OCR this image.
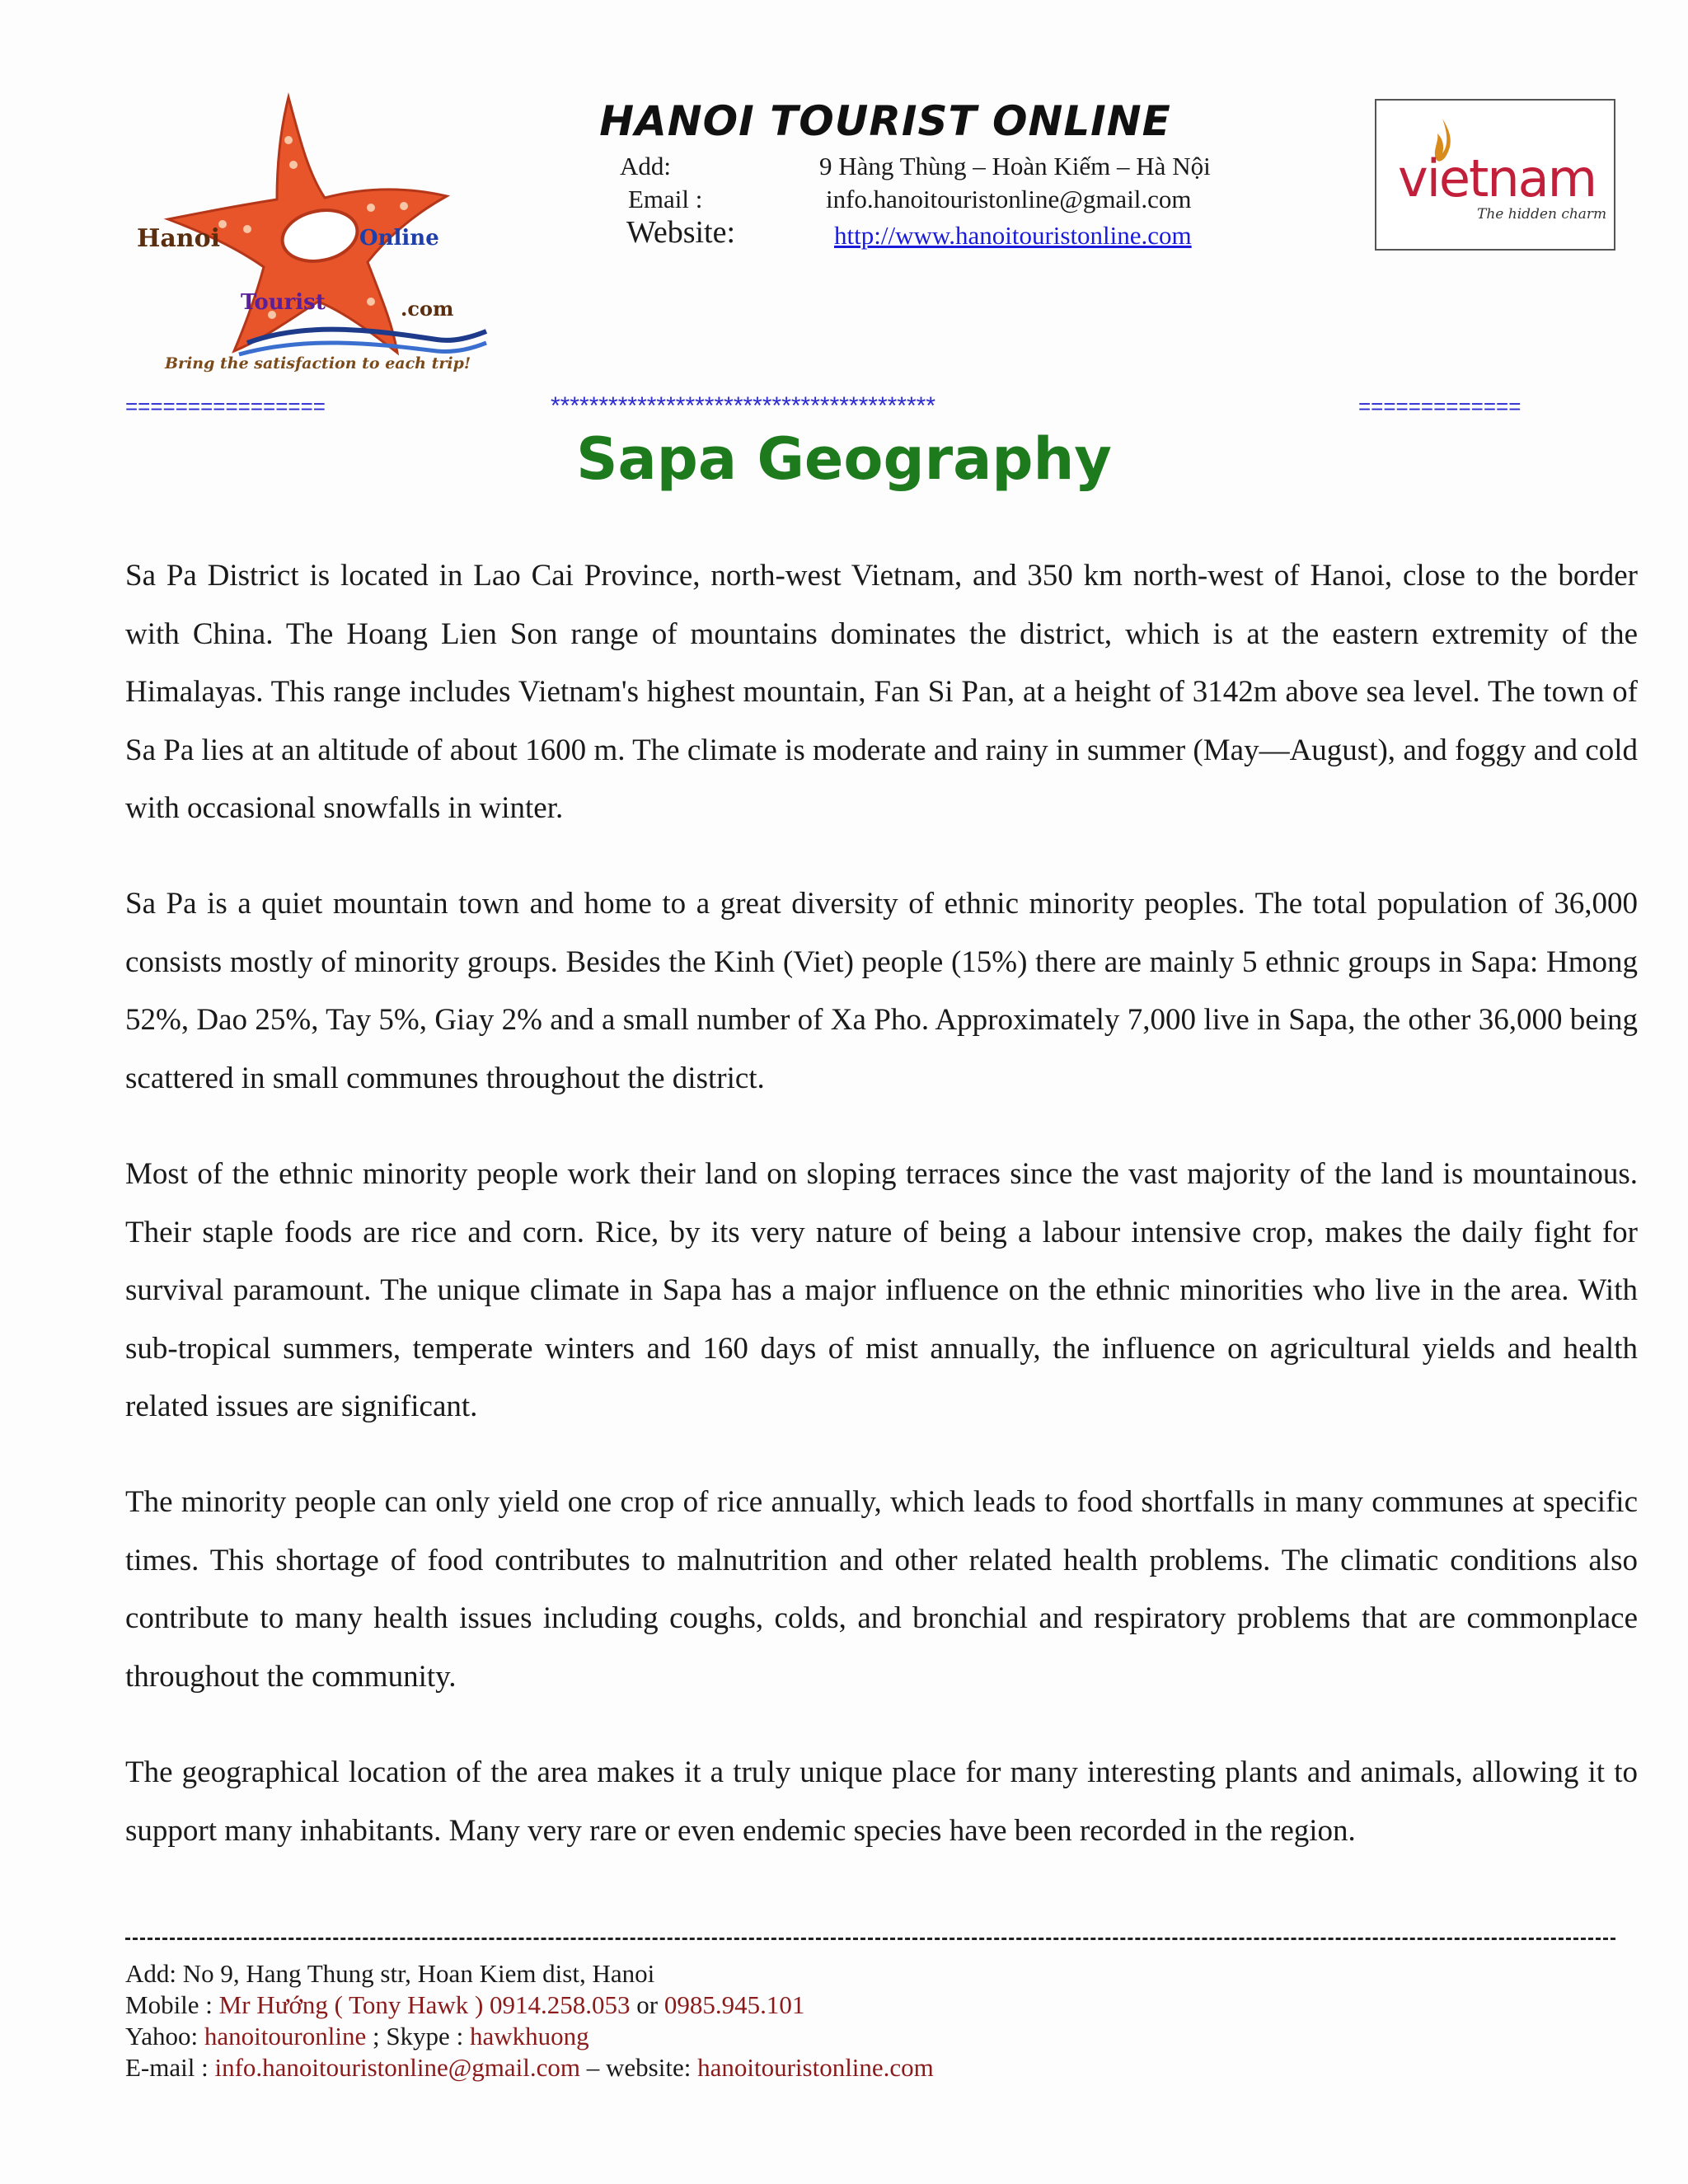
Hanoi	Online
Tourist	.com
Bring the satisfaction to each trip!
HANOI TOURIST ONLINE
Add:	9 Hàng Thùng – Hoàn Kiếm – Hà Nội
Email :	info.hanoitouristonline@gmail.com
Website:	http://www.hanoitouristonline.com
vietnam
The hidden charm
================	****************************************	=============
Sapa Geography

Sa Pa District is located in Lao Cai Province, north-west Vietnam, and 350 km north-west of Hanoi, close to the border with China. The Hoang Lien Son range of mountains dominates the district, which is at the eastern extremity of the Himalayas. This range includes Vietnam's highest mountain, Fan Si Pan, at a height of 3142m above sea level. The town of Sa Pa lies at an altitude of about 1600 m. The climate is moderate and rainy in summer (May—August), and foggy and cold with occasional snowfalls in winter.

Sa Pa is a quiet mountain town and home to a great diversity of ethnic minority peoples. The total population of 36,000 consists mostly of minority groups. Besides the Kinh (Viet) people (15%) there are mainly 5 ethnic groups in Sapa: Hmong 52%, Dao 25%, Tay 5%, Giay 2% and a small number of Xa Pho. Approximately 7,000 live in Sapa, the other 36,000 being scattered in small communes throughout the district.

Most of the ethnic minority people work their land on sloping terraces since the vast majority of the land is mountainous. Their staple foods are rice and corn. Rice, by its very nature of being a labour intensive crop, makes the daily fight for survival paramount. The unique climate in Sapa has a major influence on the ethnic minorities who live in the area. With sub-tropical summers, temperate winters and 160 days of mist annually, the influence on agricultural yields and health related issues are significant.

The minority people can only yield one crop of rice annually, which leads to food shortfalls in many communes at specific times. This shortage of food contributes to malnutrition and other related health problems. The climatic conditions also contribute to many health issues including coughs, colds, and bronchial and respiratory problems that are commonplace throughout the community.

The geographical location of the area makes it a truly unique place for many interesting plants and animals, allowing it to support many inhabitants. Many very rare or even endemic species have been recorded in the region.

Add: No 9, Hang Thung str, Hoan Kiem dist, Hanoi
Mobile : Mr Hướng ( Tony Hawk ) 0914.258.053 or 0985.945.101
Yahoo: hanoitouronline ; Skype : hawkhuong
E-mail : info.hanoitouristonline@gmail.com – website: hanoitouristonline.com
